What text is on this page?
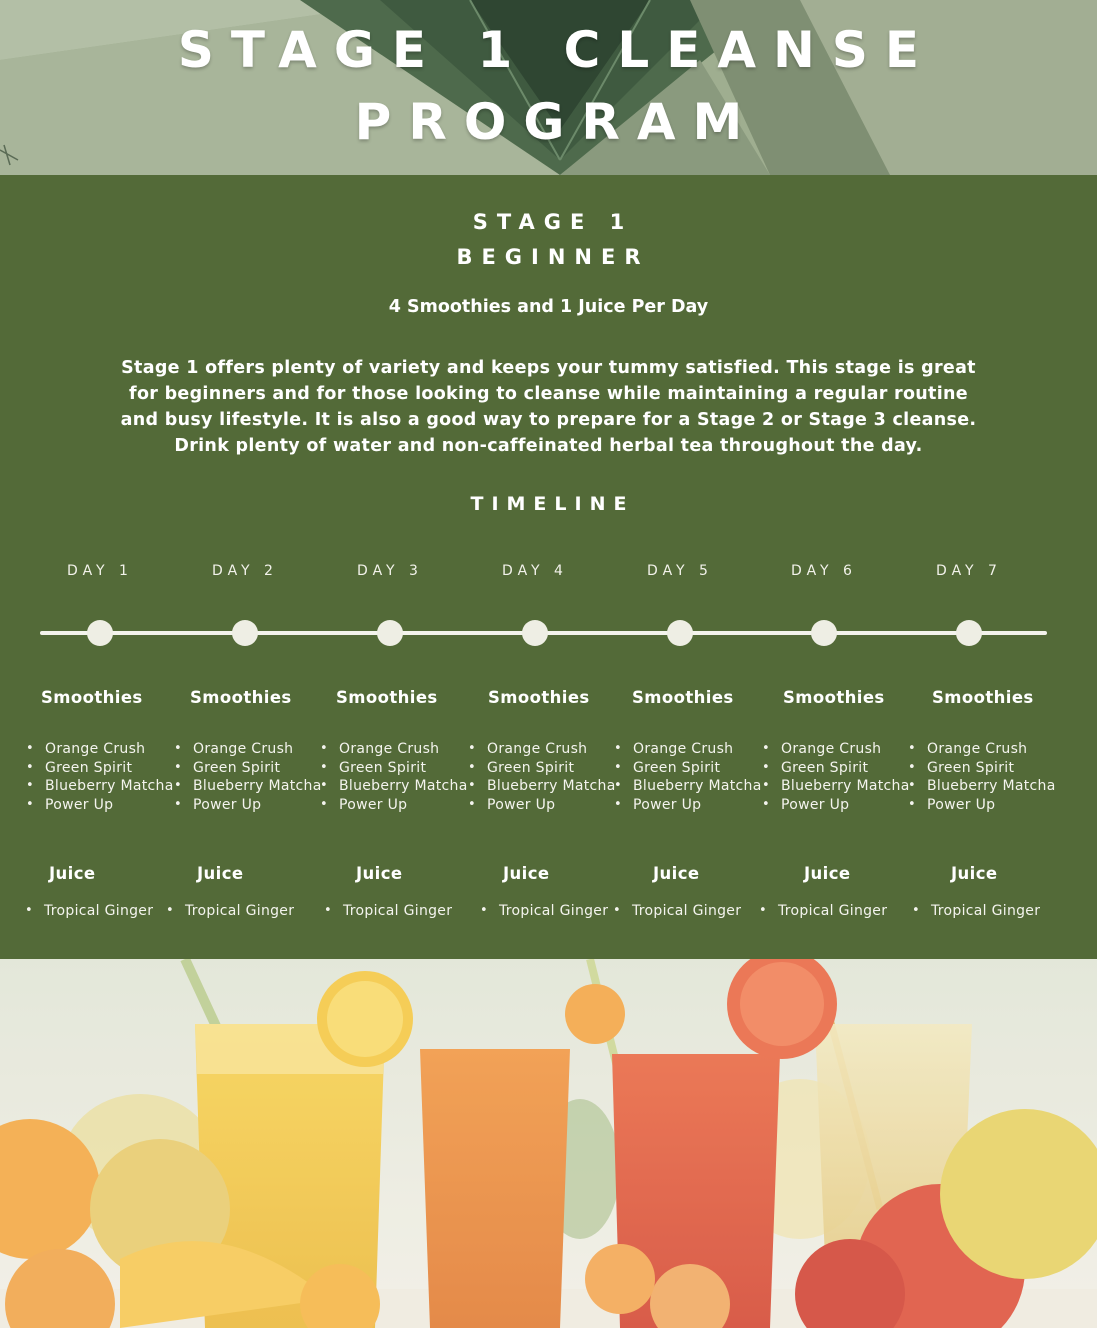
STAGE 1 CLEANSE
PROGRAM
STAGE 1
BEGINNER
4 Smoothies and 1 Juice Per Day

Stage 1 offers plenty of variety and keeps your tummy satisfied. This stage is great for beginners and for those looking to cleanse while maintaining a regular routine and busy lifestyle. It is also a good way to prepare for a Stage 2 or Stage 3 cleanse. Drink plenty of water and non-caffeinated herbal tea throughout the day.

TIMELINE
DAY 1
Smoothies
• Orange Crush
• Green Spirit
• Blueberry Matcha
• Power Up
Juice
• Tropical Ginger
DAY 2
Smoothies
• Orange Crush
• Green Spirit
• Blueberry Matcha
• Power Up
Juice
• Tropical Ginger
DAY 3
Smoothies
• Orange Crush
• Green Spirit
• Blueberry Matcha
• Power Up
Juice
• Tropical Ginger
DAY 4
Smoothies
• Orange Crush
• Green Spirit
• Blueberry Matcha
• Power Up
Juice
• Tropical Ginger
DAY 5
Smoothies
• Orange Crush
• Green Spirit
• Blueberry Matcha
• Power Up
Juice
• Tropical Ginger
DAY 6
Smoothies
• Orange Crush
• Green Spirit
• Blueberry Matcha
• Power Up
Juice
• Tropical Ginger
DAY 7
Smoothies
• Orange Crush
• Green Spirit
• Blueberry Matcha
• Power Up
Juice
• Tropical Ginger
